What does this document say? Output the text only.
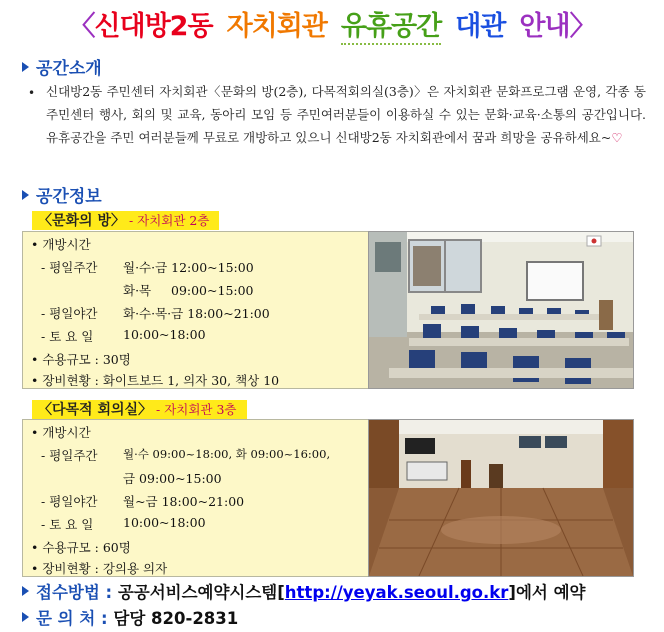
〈신대방2동 자치회관 유휴공간 대관 안내〉
공간소개
• 신대방2동 주민센터 자치회관〈문화의 방(2층), 다목적회의실(3층)〉은 자치회관 문화프로그램 운영, 각종 동 주민센터 행사, 회의 및 교육, 동아리 모임 등 주민여러분들이 이용하실 수 있는 문화·교육·소통의 공간입니다. 유휴공간을 주민 여러분들께 무료로 개방하고 있으니 신대방2동 자치회관에서 꿈과 희망을 공유하세요~♡
공간정보
〈문화의 방〉 - 자치회관 2층
• 개방시간
- 평일주간 월·수·금 12:00~15:00
화·목     09:00~15:00
- 평일야간 화·수·목·금 18:00~21:00
- 토 요 일 10:00~18:00
• 수용규모 : 30명
• 장비현황 : 화이트보드 1, 의자 30, 책상 10
〈다목적 회의실〉 - 자치회관 3층
• 개방시간
- 평일주간 월·수 09:00~18:00, 화 09:00~16:00,
금 09:00~15:00
- 평일야간 월~금 18:00~21:00
- 토 요 일 10:00~18:00
• 수용규모 : 60명
• 장비현황 : 강의용 의자
접수방법 : 공공서비스예약시스템[http://yeyak.seoul.go.kr]에서 예약
문 의 처 : 담당 820-2831
